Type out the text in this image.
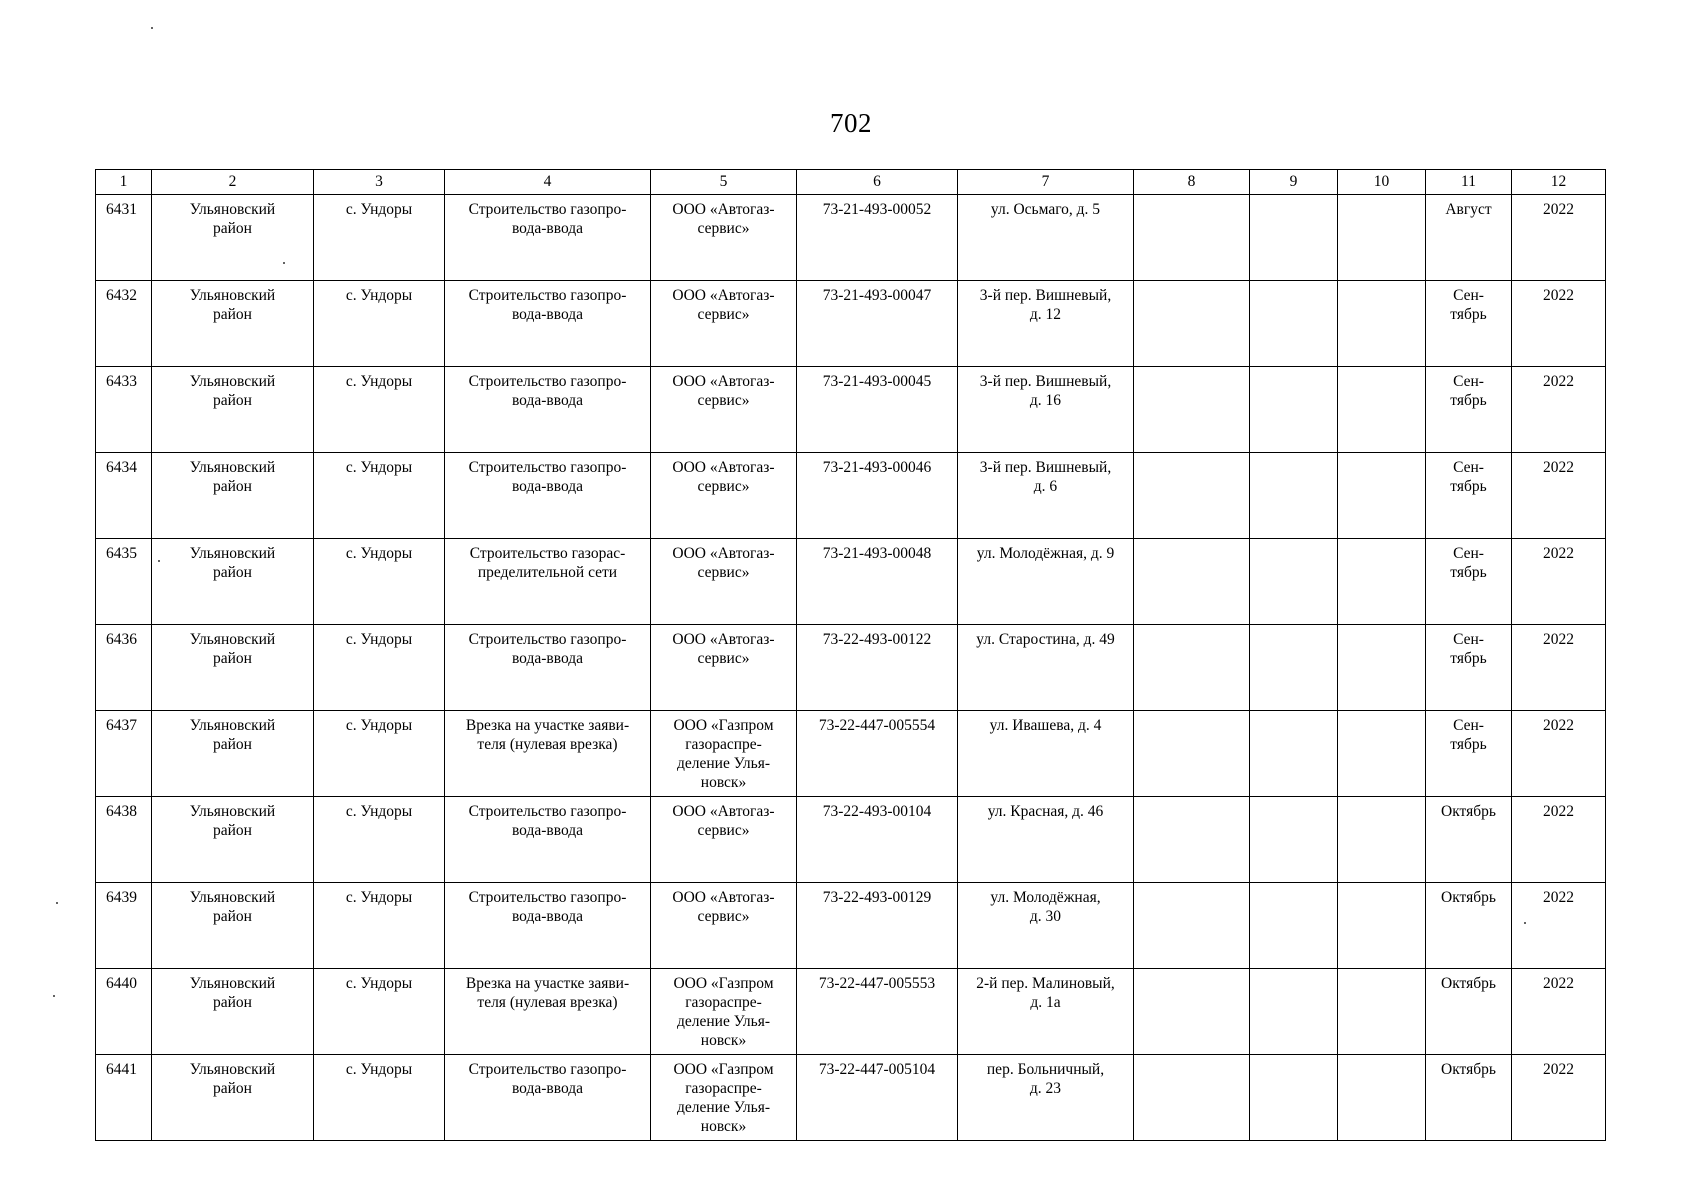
702
1	2	3	4	5	6	7	8	9	10	11	12
6431	Ульяновский
район	с. Ундоры	Строительство газопро-
вода-ввода	ООО «Автогаз-
сервис»	73-21-493-00052	ул. Осьмаго, д. 5				Август	2022
6432	Ульяновский
район	с. Ундоры	Строительство газопро-
вода-ввода	ООО «Автогаз-
сервис»	73-21-493-00047	3-й пер. Вишневый,
д. 12				Сен-
тябрь	2022
6433	Ульяновский
район	с. Ундоры	Строительство газопро-
вода-ввода	ООО «Автогаз-
сервис»	73-21-493-00045	3-й пер. Вишневый,
д. 16				Сен-
тябрь	2022
6434	Ульяновский
район	с. Ундоры	Строительство газопро-
вода-ввода	ООО «Автогаз-
сервис»	73-21-493-00046	3-й пер. Вишневый,
д. 6				Сен-
тябрь	2022
6435	Ульяновский
район	с. Ундоры	Строительство газорас-
пределительной сети	ООО «Автогаз-
сервис»	73-21-493-00048	ул. Молодёжная, д. 9				Сен-
тябрь	2022
6436	Ульяновский
район	с. Ундоры	Строительство газопро-
вода-ввода	ООО «Автогаз-
сервис»	73-22-493-00122	ул. Старостина, д. 49				Сен-
тябрь	2022
6437	Ульяновский
район	с. Ундоры	Врезка на участке заяви-
теля (нулевая врезка)	ООО «Газпром
газораспре-
деление Улья-
новск»	73-22-447-005554	ул. Ивашева, д. 4				Сен-
тябрь	2022
6438	Ульяновский
район	с. Ундоры	Строительство газопро-
вода-ввода	ООО «Автогаз-
сервис»	73-22-493-00104	ул. Красная, д. 46				Октябрь	2022
6439	Ульяновский
район	с. Ундоры	Строительство газопро-
вода-ввода	ООО «Автогаз-
сервис»	73-22-493-00129	ул. Молодёжная,
д. 30				Октябрь	2022
6440	Ульяновский
район	с. Ундоры	Врезка на участке заяви-
теля (нулевая врезка)	ООО «Газпром
газораспре-
деление Улья-
новск»	73-22-447-005553	2-й пер. Малиновый,
д. 1а				Октябрь	2022
6441	Ульяновский
район	с. Ундоры	Строительство газопро-
вода-ввода	ООО «Газпром
газораспре-
деление Улья-
новск»	73-22-447-005104	пер. Больничный,
д. 23				Октябрь	2022
